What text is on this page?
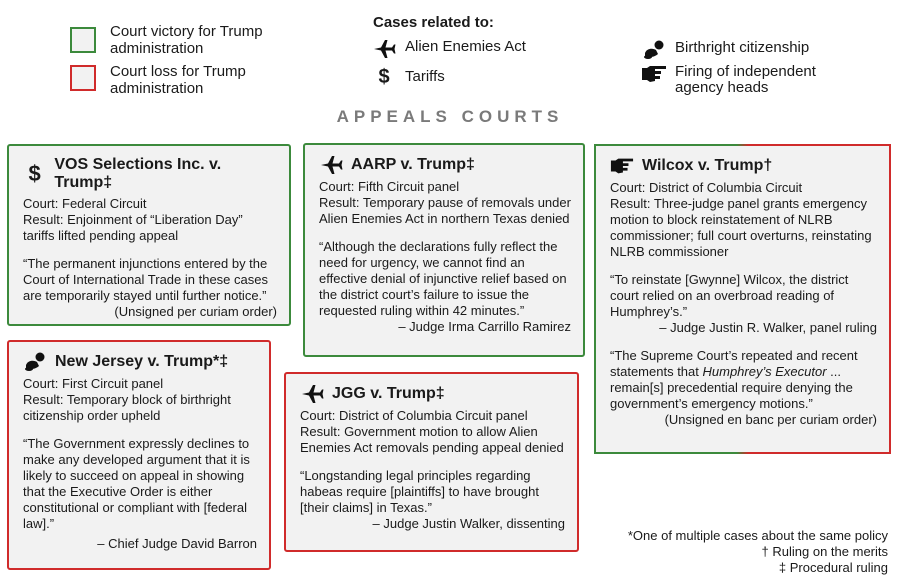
Court victory for Trump administration
Court loss for Trump administration
Cases related to:
Alien Enemies Act
$	Tariffs
Birthright citizenship
Firing of independent agency heads
APPEALS COURTS
$ VOS Selections Inc. v. Trump‡
Court: Federal Circuit
Result: Enjoinment of “Liberation Day” tariffs lifted pending appeal
“The permanent injunctions entered by the Court of International Trade in these cases are temporarily stayed until further notice.”
(Unsigned per curiam order)
AARP v. Trump‡
Court: Fifth Circuit panel
Result: Temporary pause of removals under Alien Enemies Act in northern Texas denied
“Although the declarations fully reflect the need for urgency, we cannot find an effective denial of injunctive relief based on the district court’s failure to issue the requested ruling within 42 minutes.”
– Judge Irma Carrillo Ramirez
Wilcox v. Trump†
Court: District of Columbia Circuit
Result: Three-judge panel grants emergency motion to block reinstatement of NLRB commissioner; full court overturns, reinstating NLRB commissioner
“To reinstate [Gwynne] Wilcox, the district court relied on an overbroad reading of Humphrey’s.”
– Judge Justin R. Walker, panel ruling
“The Supreme Court’s repeated and recent statements that Humphrey’s Executor ... remain[s] precedential require denying the government’s emergency motions.”
(Unsigned en banc per curiam order)
New Jersey v. Trump*‡
Court: First Circuit panel
Result: Temporary block of birthright citizenship order upheld
“The Government expressly declines to make any developed argument that it is likely to succeed on appeal in showing that the Executive Order is either constitutional or compliant with [federal law].”
– Chief Judge David Barron
JGG v. Trump‡
Court: District of Columbia Circuit panel
Result: Government motion to allow Alien Enemies Act removals pending appeal denied
“Longstanding legal principles regarding habeas require [plaintiffs] to have brought [their claims] in Texas.”
– Judge Justin Walker, dissenting
*One of multiple cases about the same policy
† Ruling on the merits
‡ Procedural ruling
